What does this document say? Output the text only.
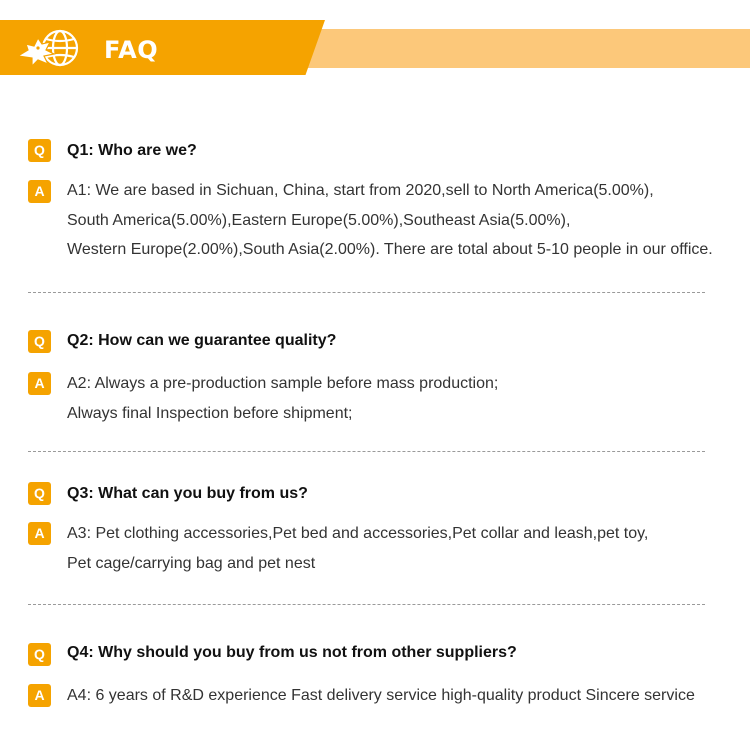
FAQ
Q	Q1: Who are we?
A	A1: We are based in Sichuan, China, start from 2020,sell to North America(5.00%),
South America(5.00%),Eastern Europe(5.00%),Southeast Asia(5.00%),
Western Europe(2.00%),South Asia(2.00%). There are total about 5-10 people in our office.
Q	Q2: How can we guarantee quality?
A	A2: Always a pre-production sample before mass production;
Always final Inspection before shipment;
Q	Q3: What can you buy from us?
A	A3: Pet clothing accessories,Pet bed and accessories,Pet collar and leash,pet toy,
Pet cage/carrying bag and pet nest
Q	Q4: Why should you buy from us not from other suppliers?
A	A4: 6 years of R&D experience Fast delivery service high-quality product Sincere service
